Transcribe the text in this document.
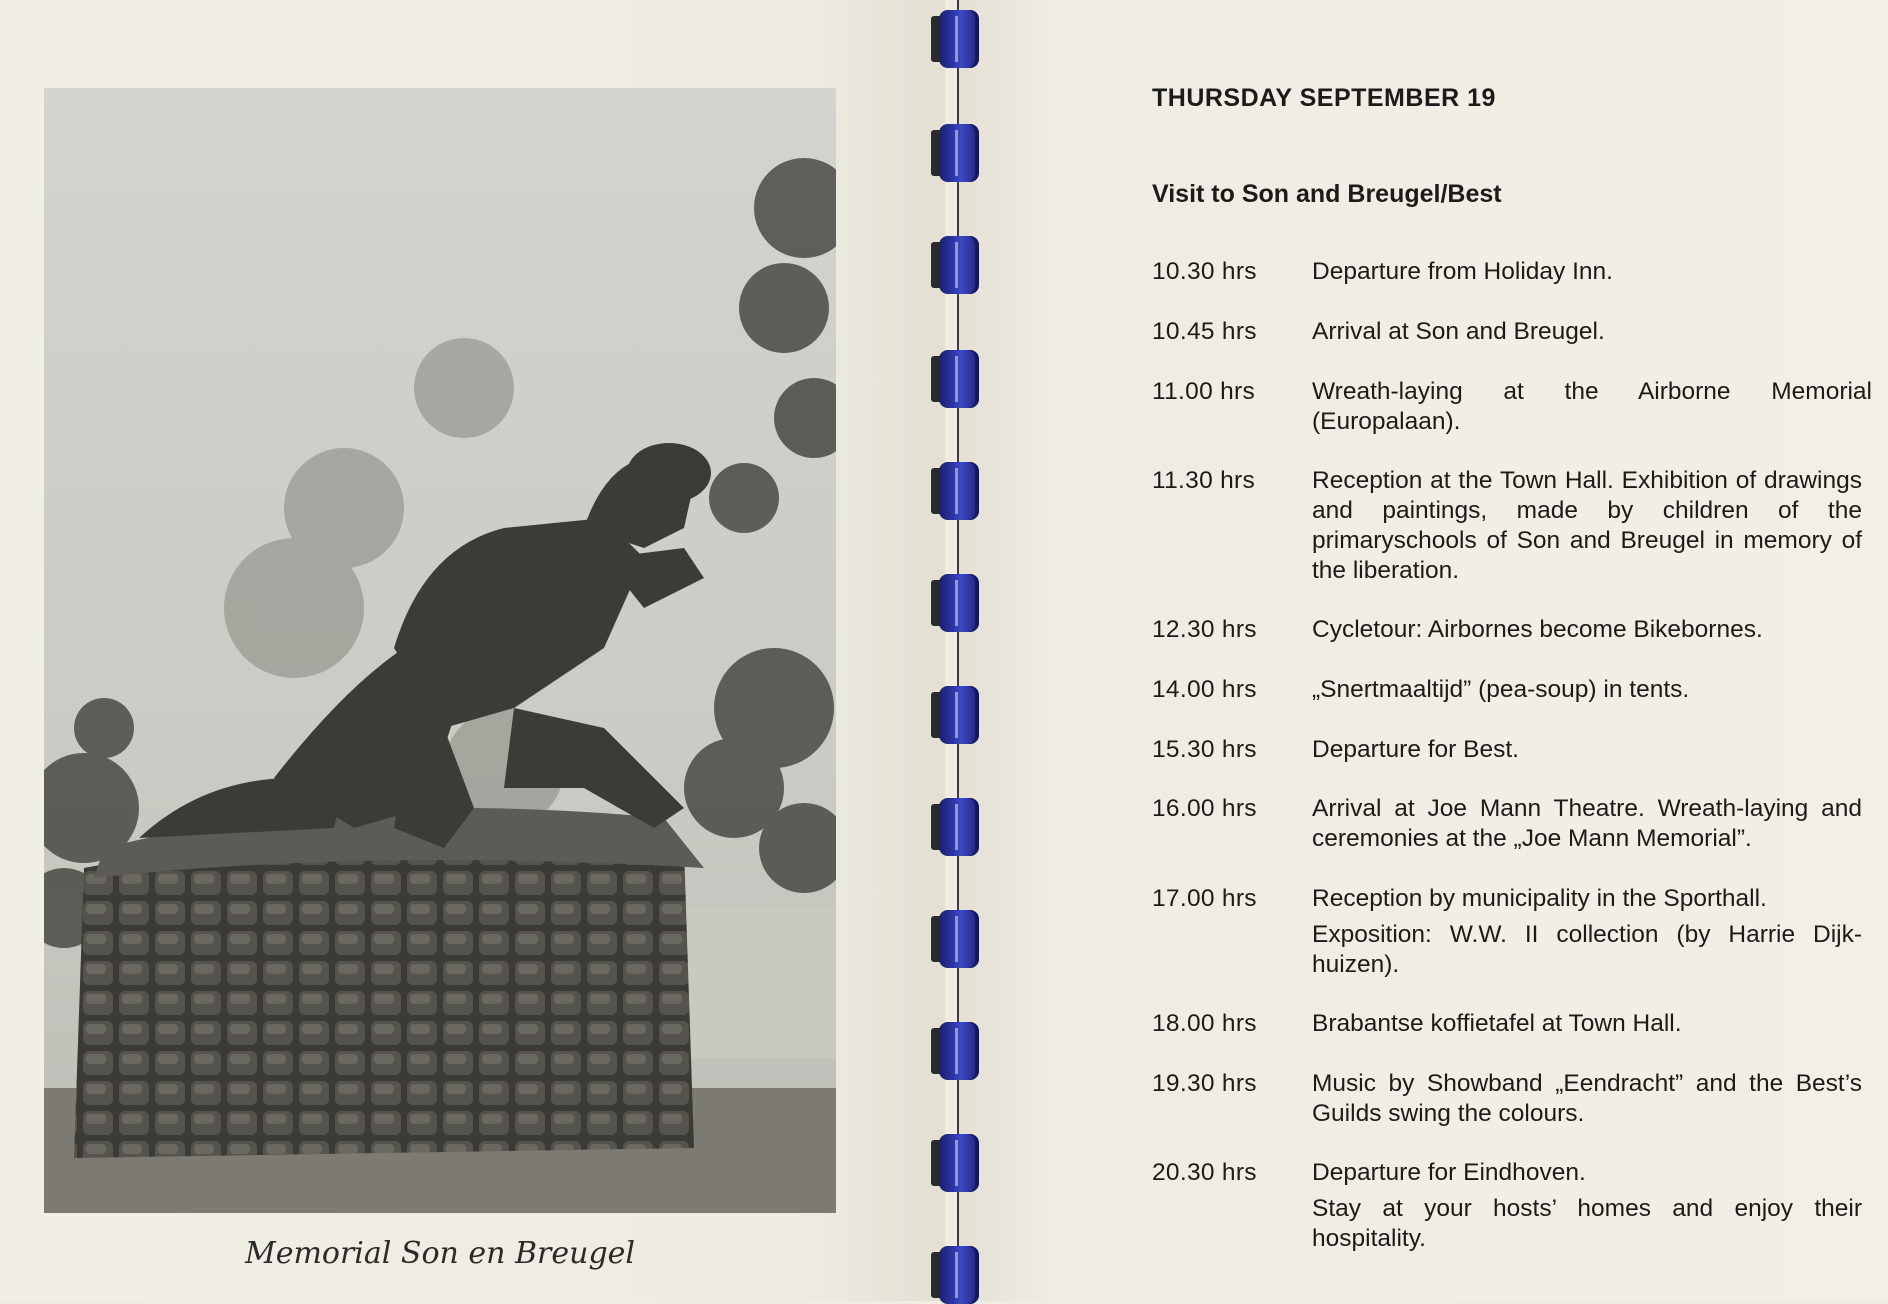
Memorial Son en Breugel
THURSDAY SEPTEMBER 19
Visit to Son and Breugel/Best
10.30 hrs	Departure from Holiday Inn.

10.45 hrs	Arrival at Son and Breugel.

11.00 hrs	Wreath-laying at the Airborne Memorial (Europalaan).

11.30 hrs	Reception at the Town Hall. Exhibition of drawings and paintings, made by children of the primaryschools of Son and Breugel in memory of the liberation.

12.30 hrs	Cycletour: Airbornes become Bikebornes.

14.00 hrs	„Snertmaaltijd” (pea-soup) in tents.

15.30 hrs	Departure for Best.

16.00 hrs	Arrival at Joe Mann Theatre. Wreath-laying and ceremonies at the „Joe Mann Memorial”.

17.00 hrs	Reception by municipality in the Sporthall.

Exposition: W.W. II collection (by Harrie Dijk-huizen).

18.00 hrs	Brabantse koffietafel at Town Hall.

19.30 hrs	Music by Showband „Eendracht” and the Best’s Guilds swing the colours.

20.30 hrs	Departure for Eindhoven.

Stay at your hosts’ homes and enjoy their hospitality.
